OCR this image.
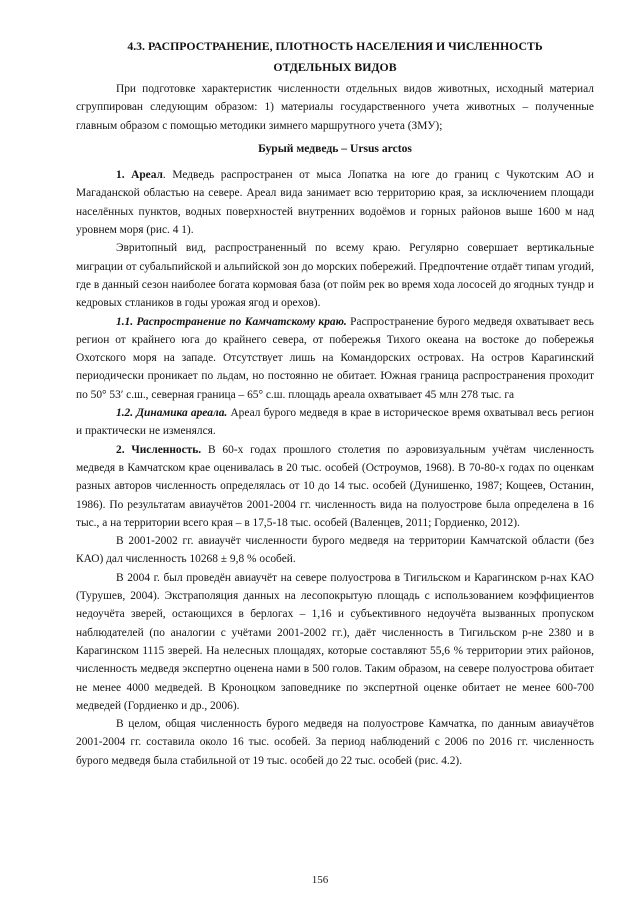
4.3. РАСПРОСТРАНЕНИЕ, ПЛОТНОСТЬ НАСЕЛЕНИЯ И ЧИСЛЕННОСТЬ
ОТДЕЛЬНЫХ ВИДОВ

При подготовке характеристик численности отдельных видов животных, исходный материал сгруппирован следующим образом: 1) материалы государственного учета животных – полученные главным образом с помощью методики зимнего маршрутного учета (ЗМУ);

Бурый медведь – Ursus arctos

1. Ареал. Медведь распространен от мыса Лопатка на юге до границ с Чукотским АО и Магаданской областью на севере. Ареал вида занимает всю территорию края, за исключением площади населённых пунктов, водных поверхностей внутренних водоёмов и горных районов выше 1600 м над уровнем моря (рис. 4 1).

Эвритопный вид, распространенный по всему краю. Регулярно совершает вертикальные миграции от субальпийской и альпийской зон до морских побережий. Предпочтение отдаёт типам угодий, где в данный сезон наиболее богата кормовая база (от пойм рек во время хода лососей до ягодных тундр и кедровых стлаников в годы урожая ягод и орехов).

1.1. Распространение по Камчатскому краю. Распространение бурого медведя охватывает весь регион от крайнего юга до крайнего севера, от побережья Тихого океана на востоке до побережья Охотского моря на западе. Отсутствует лишь на Командорских островах. На остров Карагинский периодически проникает по льдам, но постоянно не обитает. Южная граница распространения проходит по 50° 53′ с.ш., северная граница – 65° с.ш. площадь ареала охватывает 45 млн 278 тыс. га

1.2. Динамика ареала. Ареал бурого медведя в крае в историческое время охватывал весь регион и практически не изменялся.

2. Численность. В 60-х годах прошлого столетия по аэровизуальным учётам численность медведя в Камчатском крае оценивалась в 20 тыс. особей (Остроумов, 1968). В 70-80-х годах по оценкам разных авторов численность определялась от 10 до 14 тыс. особей (Дунишенко, 1987; Кощеев, Останин, 1986). По результатам авиаучётов 2001-2004 гг. численность вида на полуострове была определена в 16 тыс., а на территории всего края – в 17,5-18 тыс. особей (Валенцев, 2011; Гордиенко, 2012).

В 2001-2002 гг. авиаучёт численности бурого медведя на территории Камчатской области (без КАО) дал численность 10268 ± 9,8 % особей.

В 2004 г. был проведён авиаучёт на севере полуострова в Тигильском и Карагинском р-нах КАО (Турушев, 2004). Экстраполяция данных на лесопокрытую площадь с использованием коэффициентов недоучёта зверей, остающихся в берлогах – 1,16 и субъективного недоучёта вызванных пропуском наблюдателей (по аналогии с учётами 2001-2002 гг.), даёт численность в Тигильском р-не 2380 и в Карагинском 1115 зверей. На нелесных площадях, которые составляют 55,6 % территории этих районов, численность медведя экспертно оценена нами в 500 голов. Таким образом, на севере полуострова обитает не менее 4000 медведей. В Кроноцком заповеднике по экспертной оценке обитает не менее 600-700 медведей (Гордиенко и др., 2006).

В целом, общая численность бурого медведя на полуострове Камчатка, по данным авиаучётов 2001-2004 гг. составила около 16 тыс. особей. За период наблюдений с 2006 по 2016 гг. численность бурого медведя была стабильной от 19 тыс. особей до 22 тыс. особей (рис. 4.2).

156
